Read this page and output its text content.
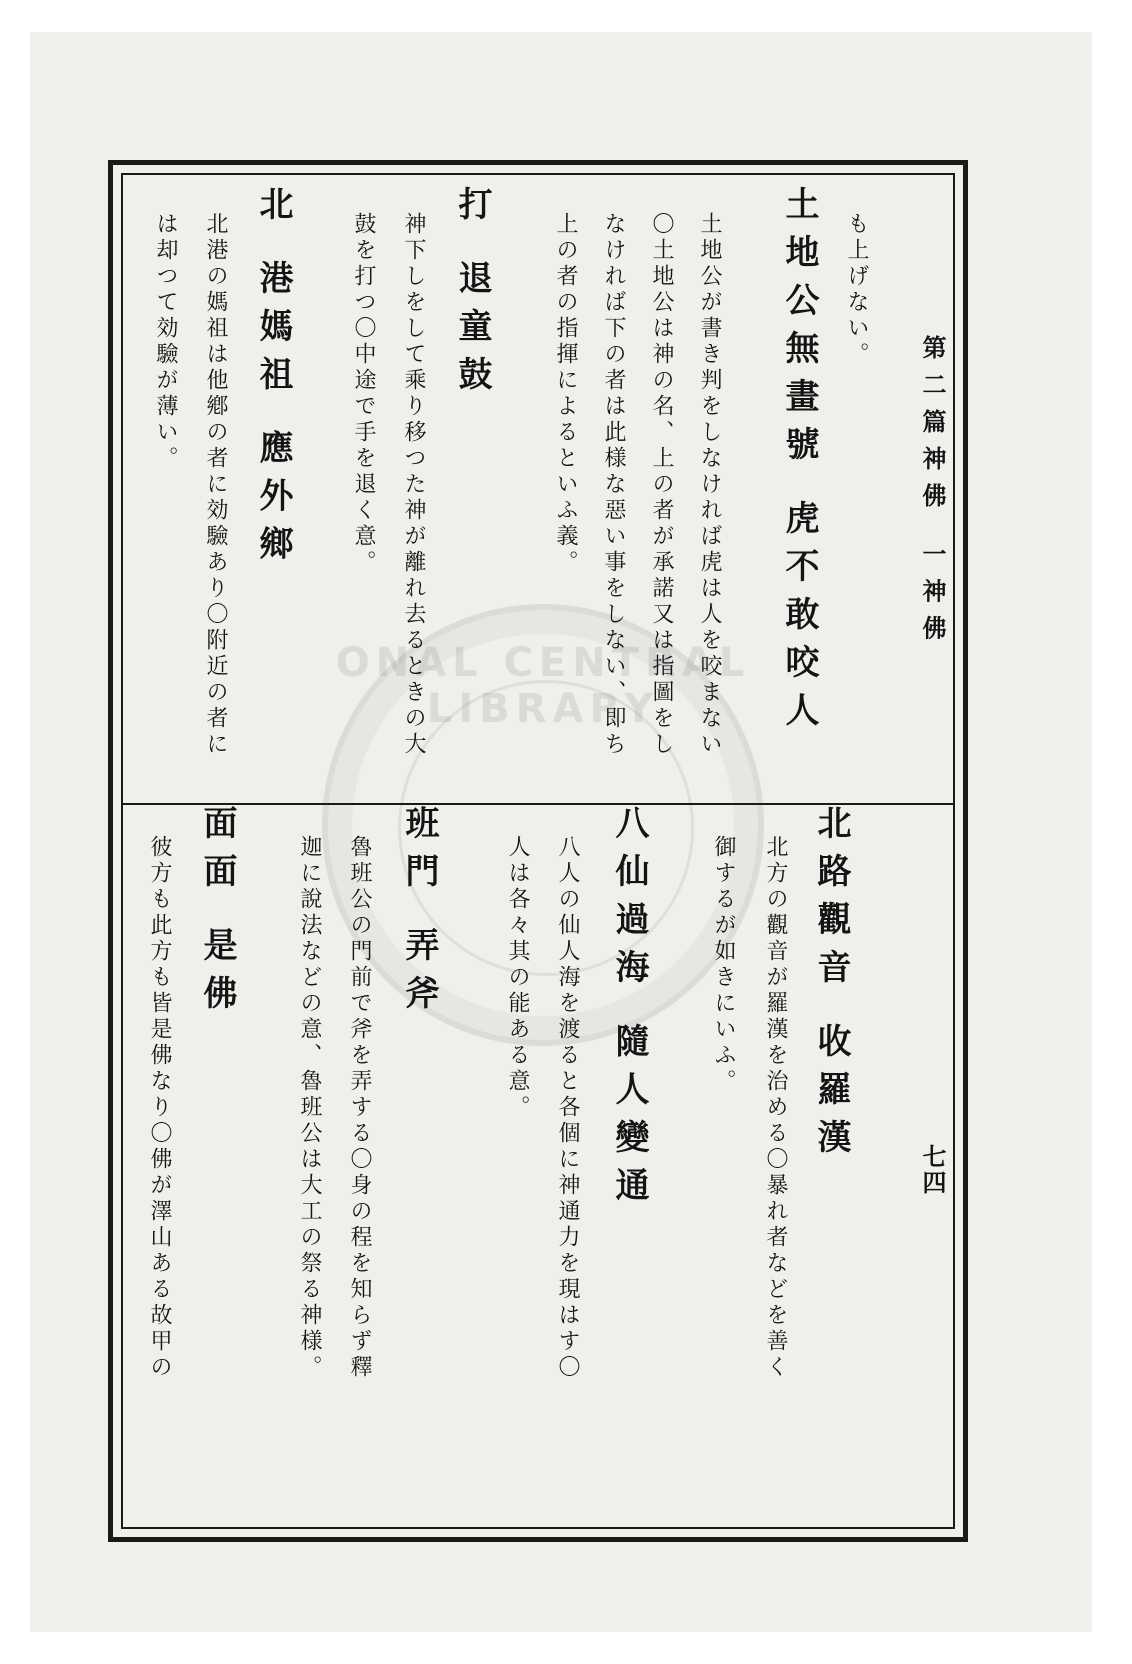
ONAL CENTRAL LIBRARY
第二篇神佛 一神佛
七四
も上げない。
土地公無畫號 虎不敢咬人
土地公が書き判をしなければ虎は人を咬まない
〇土地公は神の名、上の者が承諾又は指圖をし
なければ下の者は此様な惡い事をしない、即ち
上の者の指揮によるといふ義。
打 退童鼓
神下しをして乘り移つた神が離れ去るときの大
鼓を打つ〇中途で手を退く意。
北 港媽祖 應外鄉
北港の媽祖は他鄕の者に効驗あり〇附近の者に
は却つて効驗が薄い。
北路觀音 收羅漢
北方の觀音が羅漢を治める〇暴れ者などを善く
御するが如きにいふ。
八仙過海 隨人變通
八人の仙人海を渡ると各個に神通力を現はす〇
人は各々其の能ある意。
班門 弄斧
魯班公の門前で斧を弄する〇身の程を知らず釋
迦に說法などの意、魯班公は大工の祭る神様。
面面 是佛
彼方も此方も皆是佛なり〇佛が澤山ある故甲の
